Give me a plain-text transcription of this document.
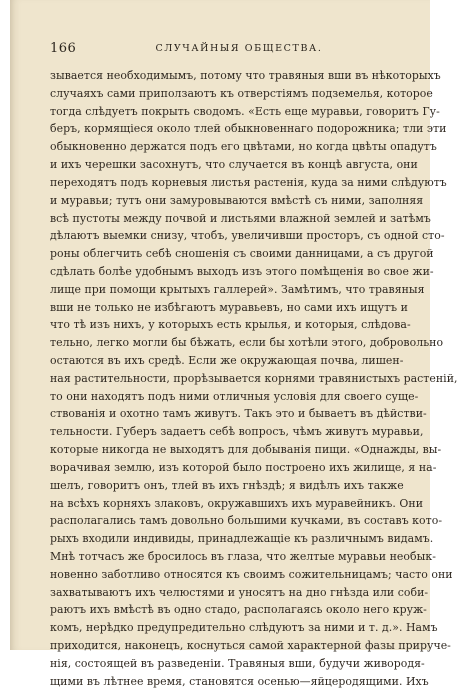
166	СЛУЧАЙНЫЯ ОБЩЕСТВА.
зывается необходимымъ, потому что травяныя вши въ нѣкоторыхъ
случаяхъ сами приползаютъ къ отверстіямъ подземелья, которое
тогда слѣдуетъ покрыть сводомъ. «Есть еще муравьи, говоритъ Гу-
беръ, кормящіеся около тлей обыкновеннаго подорожника; тли эти
обыкновенно держатся подъ его цвѣтами, но когда цвѣты опадутъ
и ихъ черешки засохнутъ, что случается въ концѣ августа, они
переходятъ подъ корневыя листья растенія, куда за ними слѣдуютъ
и муравьи; тутъ они замуровываются вмѣстѣ съ ними, заполняя
всѣ пустоты между почвой и листьями влажной землей и затѣмъ
дѣлаютъ выемки снизу, чтобъ, увеличивши просторъ, съ одной сто-
роны облегчить себѣ сношенія съ своими данницами, а съ другой
сдѣлать болѣе удобнымъ выходъ изъ этого помѣщенія во свое жи-
лище при помощи крытыхъ галлерей». Замѣтимъ, что травяныя
вши не только не избѣгаютъ муравьевъ, но сами ихъ ищутъ и
что тѣ изъ нихъ, у которыхъ есть крылья, и которыя, слѣдова-
тельно, легко могли бы бѣжать, если бы хотѣли этого, добровольно
остаются въ ихъ средѣ. Если же окружающая почва, лишен-
ная растительности, прорѣзывается корнями травянистыхъ растеній,
то они находятъ подъ ними отличныя условія для своего суще-
ствованія и охотно тамъ живутъ. Такъ это и бываетъ въ дѣйстви-
тельности. Губеръ задаетъ себѣ вопросъ, чѣмъ живутъ муравьи,
которые никогда не выходятъ для добыванія пищи. «Однажды, вы-
ворачивая землю, изъ которой было построено ихъ жилище, я на-
шелъ, говоритъ онъ, тлей въ ихъ гнѣздѣ; я видѣлъ ихъ также
на всѣхъ корняхъ злаковъ, окружавшихъ ихъ муравейникъ. Они
располагались тамъ довольно большими кучками, въ составъ кото-
рыхъ входили индивиды, принадлежащіе къ различнымъ видамъ.
Мнѣ тотчасъ же бросилось въ глаза, что желтые муравьи необык-
новенно заботливо относятся къ своимъ сожительницамъ; часто они
захватываютъ ихъ челюстями и уносятъ на дно гнѣзда или соби-
раютъ ихъ вмѣстѣ въ одно стадо, располагаясь около него круж-
комъ, нерѣдко предупредительно слѣдуютъ за ними и т. д.». Намъ
приходится, наконецъ, коснуться самой характерной фазы приручe-
нія, состоящей въ разведеніи. Травяныя вши, будучи живородя-
щими въ лѣтнее время, становятся осенью—яйцеродящими. Ихъ
